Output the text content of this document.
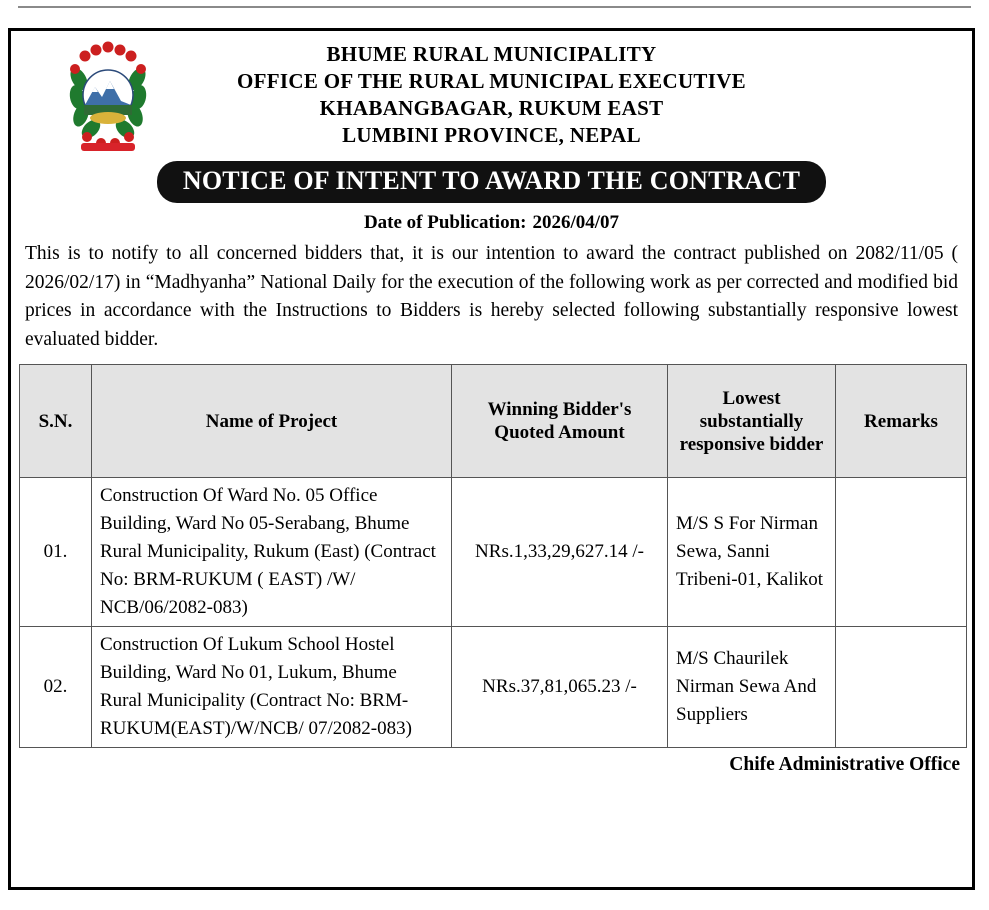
BHUME RURAL MUNICIPALITY
OFFICE OF THE RURAL MUNICIPAL EXECUTIVE
KHABANGBAGAR, RUKUM EAST
LUMBINI PROVINCE, NEPAL
NOTICE OF INTENT TO AWARD THE CONTRACT
Date of Publication: 2026/04/07
This is to notify to all concerned bidders that, it is our intention to award the contract published on 2082/11/05 ( 2026/02/17) in “Madhyanha” National Daily for the execution of the following work as per corrected and modified bid prices in accordance with the Instructions to Bidders is hereby selected following substantially responsive lowest evaluated bidder.
S.N.	Name of Project	Winning Bidder's Quoted Amount	Lowest substantially responsive bidder	Remarks
01.	Construction Of Ward No. 05 Office Building, Ward No 05-Serabang, Bhume Rural Municipality, Rukum (East) (Contract No: BRM-RUKUM ( EAST) /W/ NCB/06/2082-083)	NRs.1,33,29,627.14 /-	M/S S For Nirman Sewa, Sanni Tribeni-01, Kalikot	
02.	Construction Of Lukum School Hostel Building, Ward No 01, Lukum, Bhume Rural Municipality (Contract No: BRM-RUKUM(EAST)/W/NCB/ 07/2082-083)	NRs.37,81,065.23 /-	M/S Chaurilek Nirman Sewa And Suppliers	
Chife Administrative Office
